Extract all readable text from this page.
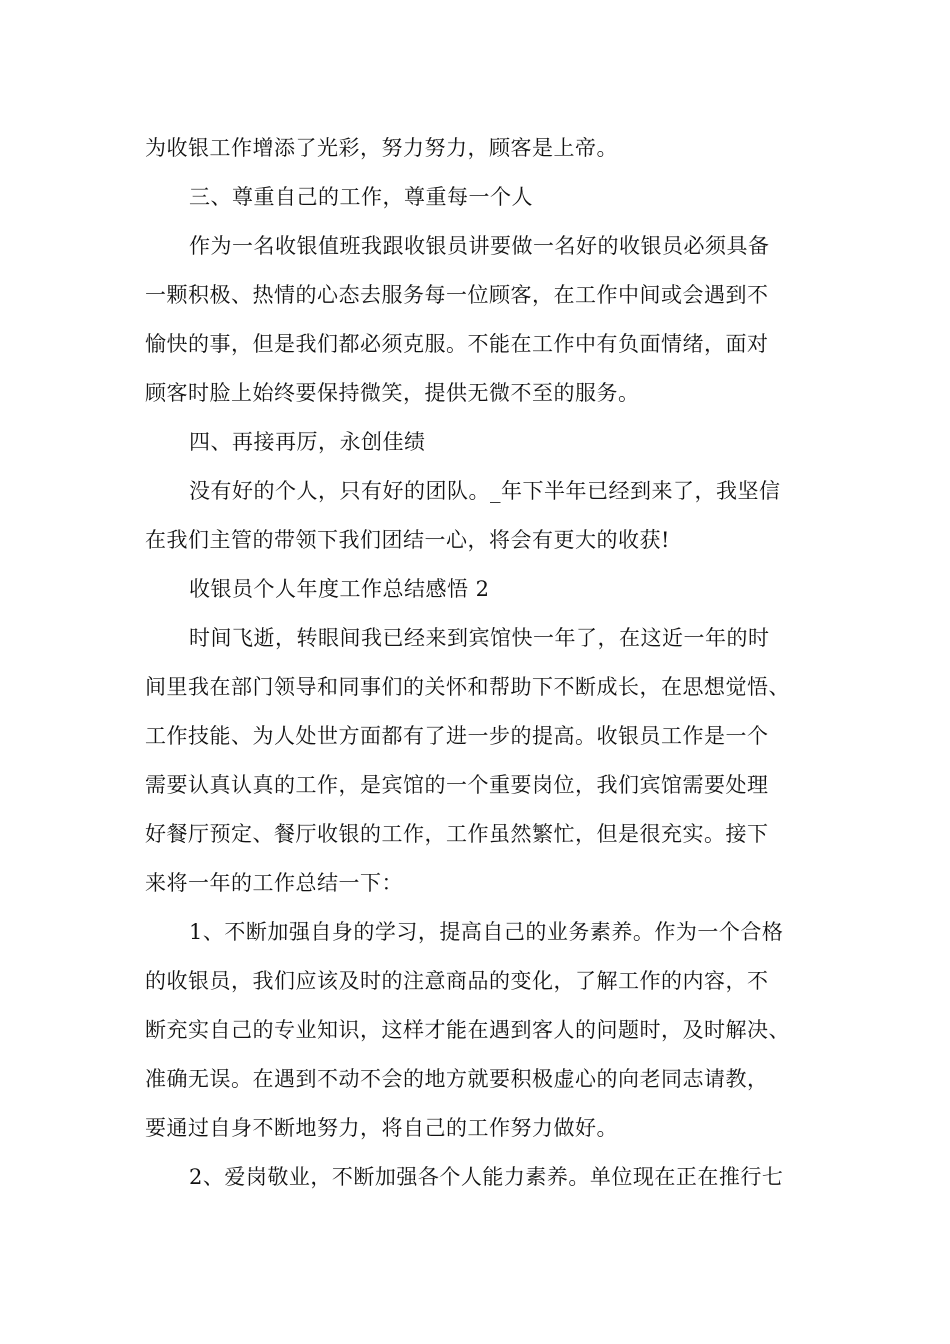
为收银工作增添了光彩，努力努力，顾客是上帝。
三、尊重自己的工作，尊重每一个人
作为一名收银值班我跟收银员讲要做一名好的收银员必须具备
一颗积极、热情的心态去服务每一位顾客，在工作中间或会遇到不
愉快的事，但是我们都必须克服。不能在工作中有负面情绪，面对
顾客时脸上始终要保持微笑，提供无微不至的服务。
四、再接再厉，永创佳绩
没有好的个人，只有好的团队。_年下半年已经到来了，我坚信
在我们主管的带领下我们团结一心，将会有更大的收获!
收银员个人年度工作总结感悟 2
时间飞逝，转眼间我已经来到宾馆快一年了，在这近一年的时
间里我在部门领导和同事们的关怀和帮助下不断成长，在思想觉悟、
工作技能、为人处世方面都有了进一步的提高。收银员工作是一个
需要认真认真的工作，是宾馆的一个重要岗位，我们宾馆需要处理
好餐厅预定、餐厅收银的工作，工作虽然繁忙，但是很充实。接下
来将一年的工作总结一下：
1、不断加强自身的学习，提高自己的业务素养。作为一个合格
的收银员，我们应该及时的注意商品的变化，了解工作的内容，不
断充实自己的专业知识，这样才能在遇到客人的问题时，及时解决、
准确无误。在遇到不动不会的地方就要积极虚心的向老同志请教，
要通过自身不断地努力，将自己的工作努力做好。
2、爱岗敬业，不断加强各个人能力素养。单位现在正在推行七
